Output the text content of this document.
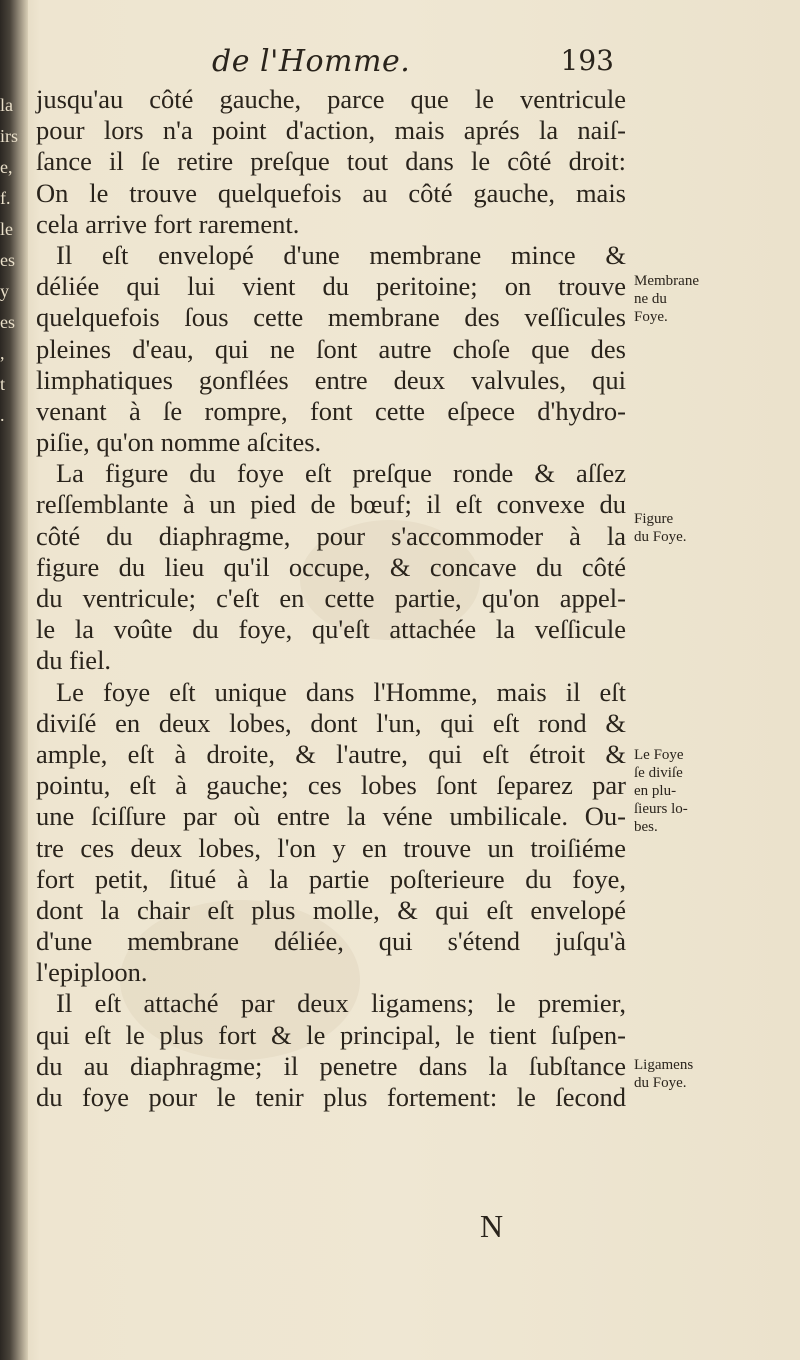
la
irs
e,
f.
le
es
y
es
,
t
.
de l'Homme.	193
jusqu'au côté gauche, parce que le ventricule
pour lors n'a point d'action, mais aprés la naiſ-
ſance il ſe retire preſque tout dans le côté droit:
On le trouve quelquefois au côté gauche, mais
cela arrive fort rarement.
Il eſt envelopé d'une membrane mince &
déliée qui lui vient du peritoine; on trouve
quelquefois ſous cette membrane des veſſicules
pleines d'eau, qui ne ſont autre choſe que des
limphatiques gonflées entre deux valvules, qui
venant à ſe rompre, font cette eſpece d'hydro-
piſie, qu'on nomme aſcites.
La figure du foye eſt preſque ronde & aſſez
reſſemblante à un pied de bœuf; il eſt convexe du
côté du diaphragme, pour s'accommoder à la
figure du lieu qu'il occupe, & concave du côté
du ventricule; c'eſt en cette partie, qu'on appel-
le la voûte du foye, qu'eſt attachée la veſſicule
du fiel.
Le foye eſt unique dans l'Homme, mais il eſt
diviſé en deux lobes, dont l'un, qui eſt rond &
ample, eſt à droite, & l'autre, qui eſt étroit &
pointu, eſt à gauche; ces lobes ſont ſeparez par
une ſciſſure par où entre la véne umbilicale. Ou-
tre ces deux lobes, l'on y en trouve un troiſiéme
fort petit, ſitué à la partie poſterieure du foye,
dont la chair eſt plus molle, & qui eſt envelopé
d'une membrane déliée, qui s'étend juſqu'à
l'epiploon.
Il eſt attaché par deux ligamens; le premier,
qui eſt le plus fort & le principal, le tient ſuſpen-
du au diaphragme; il penetre dans la ſubſtance
du foye pour le tenir plus fortement: le ſecond
Membrane
ne du
Foye.
Figure
du Foye.
Le Foye
ſe diviſe
en plu-
ſieurs lo-
bes.
Ligamens
du Foye.
N
